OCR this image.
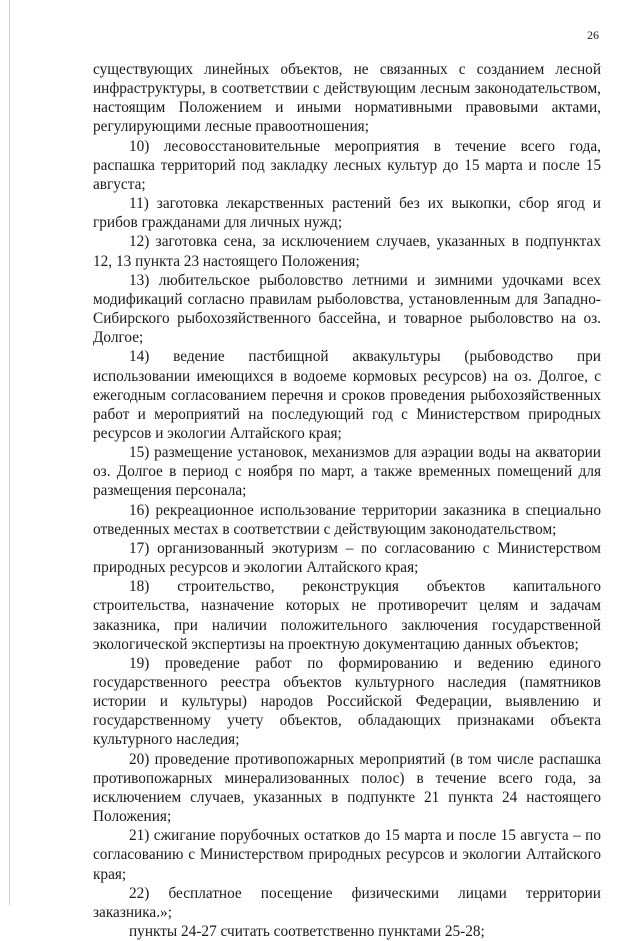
26

существующих линейных объектов, не связанных с созданием лесной инфраструктуры, в соответствии с действующим лесным законодательством, настоящим Положением и иными нормативными правовыми актами, регулирующими лесные правоотношения;

10) лесовосстановительные мероприятия в течение всего года, распашка территорий под закладку лесных культур до 15 марта и после 15 августа;

11) заготовка лекарственных растений без их выкопки, сбор ягод и грибов гражданами для личных нужд;

12) заготовка сена, за исключением случаев, указанных в подпунктах 12, 13 пункта 23 настоящего Положения;

13) любительское рыболовство летними и зимними удочками всех модификаций согласно правилам рыболовства, установленным для Западно-Сибирского рыбохозяйственного бассейна, и товарное рыболовство на оз. Долгое;

14) ведение пастбищной аквакультуры (рыбоводство при использовании имеющихся в водоеме кормовых ресурсов) на оз. Долгое, с ежегодным согласованием перечня и сроков проведения рыбохозяйственных работ и мероприятий на последующий год с Министерством природных ресурсов и экологии Алтайского края;

15) размещение установок, механизмов для аэрации воды на акватории оз. Долгое в период с ноября по март, а также временных помещений для размещения персонала;

16) рекреационное использование территории заказника в специально отведенных местах в соответствии с действующим законодательством;

17) организованный экотуризм – по согласованию с Министерством природных ресурсов и экологии Алтайского края;

18) строительство, реконструкция объектов капитального строительства, назначение которых не противоречит целям и задачам заказника, при наличии положительного заключения государственной экологической экспертизы на проектную документацию данных объектов;

19) проведение работ по формированию и ведению единого государственного реестра объектов культурного наследия (памятников истории и культуры) народов Российской Федерации, выявлению и государственному учету объектов, обладающих признаками объекта культурного наследия;

20) проведение противопожарных мероприятий (в том числе распашка противопожарных минерализованных полос) в течение всего года, за исключением случаев, указанных в подпункте 21 пункта 24 настоящего Положения;

21) сжигание порубочных остатков до 15 марта и после 15 августа – по согласованию с Министерством природных ресурсов и экологии Алтайского края;

22) бесплатное посещение физическими лицами территории заказника.»;

пункты 24-27 считать соответственно пунктами 25-28;
